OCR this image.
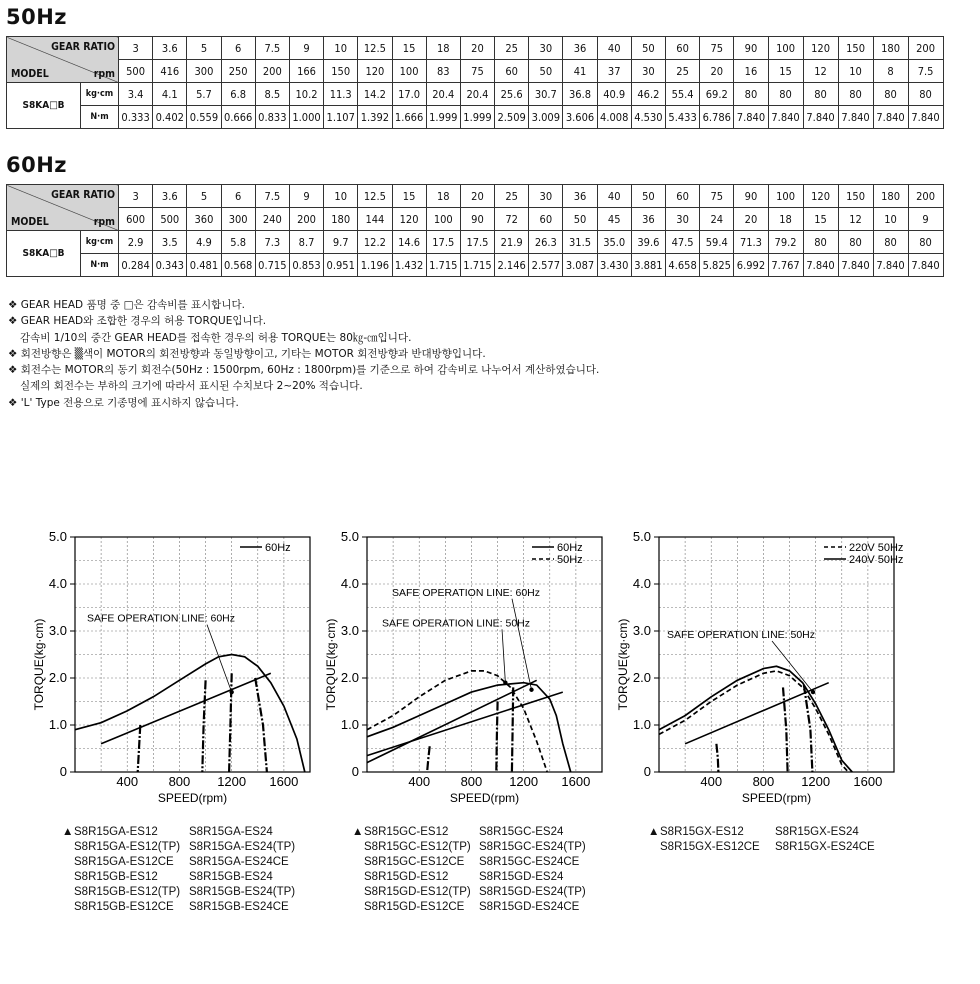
50Hz
GEAR RATIO
MODEL rpm		3	3.6	5	6	7.5	9	10	12.5	15	18	20	25	30	36	40	50	60	75	90	100	120	150	180	200
		500	416	300	250	200	166	150	120	100	83	75	60	50	41	37	30	25	20	16	15	12	10	8	7.5
S8KA□B	kg·cm	3.4	4.1	5.7	6.8	8.5	10.2	11.3	14.2	17.0	20.4	20.4	25.6	30.7	36.8	40.9	46.2	55.4	69.2	80	80	80	80	80	80
	N·m	0.333	0.402	0.559	0.666	0.833	1.000	1.107	1.392	1.666	1.999	1.999	2.509	3.009	3.606	4.008	4.530	5.433	6.786	7.840	7.840	7.840	7.840	7.840	7.840
60Hz
GEAR RATIO
MODEL rpm		3	3.6	5	6	7.5	9	10	12.5	15	18	20	25	30	36	40	50	60	75	90	100	120	150	180	200
		600	500	360	300	240	200	180	144	120	100	90	72	60	50	45	36	30	24	20	18	15	12	10	9
S8KA□B	kg·cm	2.9	3.5	4.9	5.8	7.3	8.7	9.7	12.2	14.6	17.5	17.5	21.9	26.3	31.5	35.0	39.6	47.5	59.4	71.3	79.2	80	80	80	80
	N·m	0.284	0.343	0.481	0.568	0.715	0.853	0.951	1.196	1.432	1.715	1.715	2.146	2.577	3.087	3.430	3.881	4.658	5.825	6.992	7.767	7.840	7.840	7.840	7.840
❖ GEAR HEAD 품명 중 □은 감속비를 표시합니다.
❖ GEAR HEAD와 조합한 경우의 허용 TORQUE입니다.
감속비 1/10의 중간 GEAR HEAD를 접속한 경우의 허용 TORQUE는 80㎏-㎝입니다.
❖ 회전방향은 ▒색이 MOTOR의 회전방향과 동일방향이고, 기타는 MOTOR 회전방향과 반대방향입니다.
❖ 회전수는 MOTOR의 동기 회전수(50Hz : 1500rpm, 60Hz : 1800rpm)를 기준으로 하여 감속비로 나누어서 계산하였습니다.
실제의 회전수는 부하의 크기에 따라서 표시된 수치보다 2~20% 적습니다.
❖ 'L' Type 전용으로 기종명에 표시하지 않습니다.
0
1.0
2.0
3.0
4.0
5.0
400 800 1200 1600
SPEED(rpm)
TORQUE(kg·cm)
60Hz
SAFE OPERATION LINE: 60Hz
0
1.0
2.0
3.0
4.0
5.0
400 800 1200 1600
SPEED(rpm)
TORQUE(kg·cm)
60Hz
50Hz
SAFE OPERATION LINE: 60Hz
SAFE OPERATION LINE: 50Hz
0
1.0
2.0
3.0
4.0
5.0
400 800 1200 1600
SPEED(rpm)
TORQUE(kg·cm)
220V 50Hz
240V 50Hz
SAFE OPERATION LINE: 50Hz
▲S8R15GA-ES12	S8R15GA-ES24
S8R15GA-ES12(TP) S8R15GA-ES24(TP)
S8R15GA-ES12CE S8R15GA-ES24CE
S8R15GB-ES12	S8R15GB-ES24
S8R15GB-ES12(TP) S8R15GB-ES24(TP)
S8R15GB-ES12CE S8R15GB-ES24CE
▲S8R15GC-ES12	S8R15GC-ES24
S8R15GC-ES12(TP) S8R15GC-ES24(TP)
S8R15GC-ES12CE S8R15GC-ES24CE
S8R15GD-ES12	S8R15GD-ES24
S8R15GD-ES12(TP) S8R15GD-ES24(TP)
S8R15GD-ES12CE S8R15GD-ES24CE
▲S8R15GX-ES12	S8R15GX-ES24
S8R15GX-ES12CE S8R15GX-ES24CE
